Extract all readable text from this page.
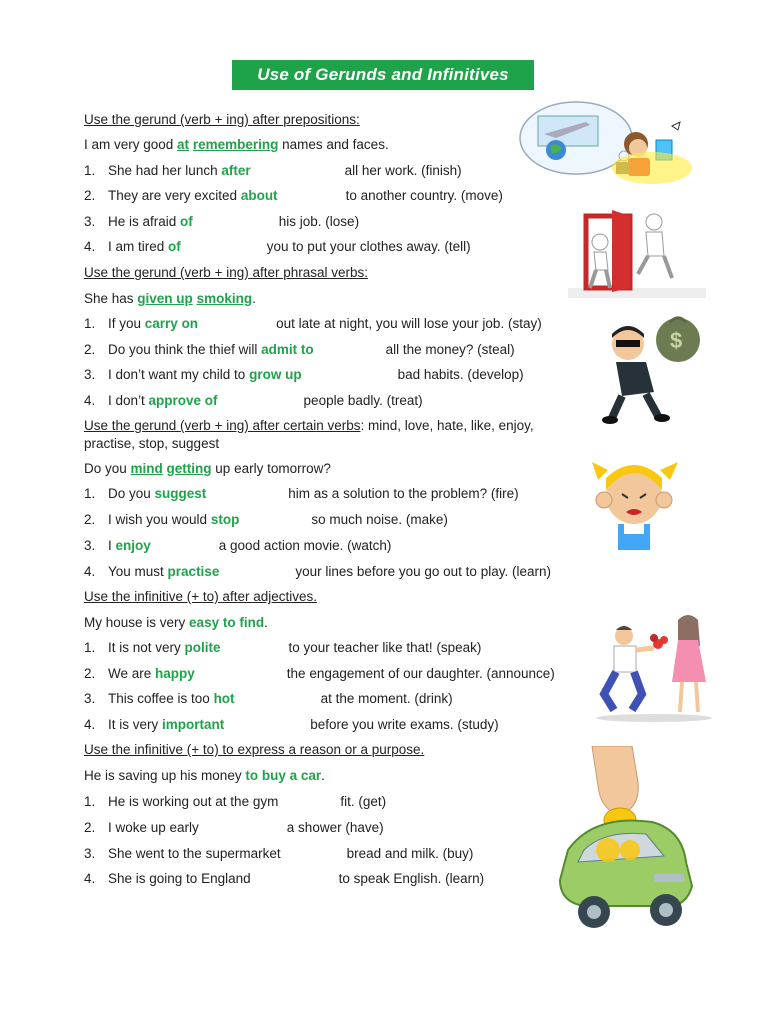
Use of Gerunds and Infinitives
Use the gerund (verb + ing) after prepositions:
I am very good at remembering names and faces.
1. She had her lunch after	all her work. (finish)
2. They are very excited about	to another country. (move)
3. He is afraid of	his job. (lose)
4. I am tired of	you to put your clothes away. (tell)
Use the gerund (verb + ing) after phrasal verbs:
She has given up smoking.
1. If you carry on	out late at night, you will lose your job. (stay)
2. Do you think the thief will admit to	all the money? (steal)
3. I don’t want my child to grow up	bad habits. (develop)
4. I don’t approve of	people badly. (treat)
Use the gerund (verb + ing) after certain verbs: mind, love, hate, like, enjoy,
practise, stop, suggest
Do you mind getting up early tomorrow?
1. Do you suggest	him as a solution to the problem? (fire)
2. I wish you would stop	so much noise. (make)
3. I enjoy	a good action movie. (watch)
4. You must practise	your lines before you go out to play. (learn)
Use the infinitive (+ to) after adjectives.
My house is very easy to find.
1. It is not very polite	to your teacher like that! (speak)
2. We are happy	the engagement of our daughter. (announce)
3. This coffee is too hot	at the moment. (drink)
4. It is very important	before you write exams. (study)
Use the infinitive (+ to) to express a reason or a purpose.
He is saving up his money to buy a car.
1. He is working out at the gym	fit. (get)
2. I woke up early	a shower (have)
3. She went to the supermarket	bread and milk. (buy)
4. She is going to England	to speak English. (learn)
$
